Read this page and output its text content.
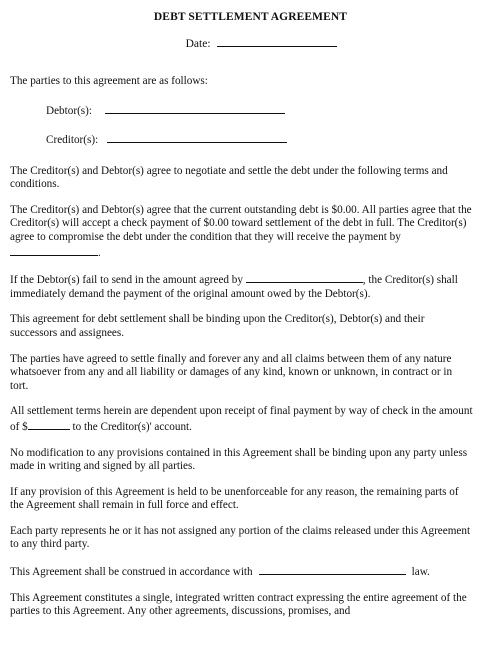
DEBT SETTLEMENT AGREEMENT
Date:

The parties to this agreement are as follows:

Debtor(s):
Creditor(s):

The Creditor(s) and Debtor(s) agree to negotiate and settle the debt under the following terms and conditions.

The Creditor(s) and Debtor(s) agree that the current outstanding debt is $0.00. All parties agree that the Creditor(s) will accept a check payment of $0.00 toward settlement of the debt in full. The Creditor(s) agree to compromise the debt under the condition that they will receive the payment by .

If the Debtor(s) fail to send in the amount agreed by	, the Creditor(s) shall immediately demand the payment of the original amount owed by the Debtor(s).

This agreement for debt settlement shall be binding upon the Creditor(s), Debtor(s) and their successors and assignees.

The parties have agreed to settle finally and forever any and all claims between them of any nature whatsoever from any and all liability or damages of any kind, known or unknown, in contract or in tort.

All settlement terms herein are dependent upon receipt of final payment by way of check in the amount of $	to the Creditor(s)' account.

No modification to any provisions contained in this Agreement shall be binding upon any party unless made in writing and signed by all parties.

If any provision of this Agreement is held to be unenforceable for any reason, the remaining parts of the Agreement shall remain in full force and effect.

Each party represents he or it has not assigned any portion of the claims released under this Agreement to any third party.

This Agreement shall be construed in accordance with	law.

This Agreement constitutes a single, integrated written contract expressing the entire agreement of the parties to this Agreement. Any other agreements, discussions, promises, and
